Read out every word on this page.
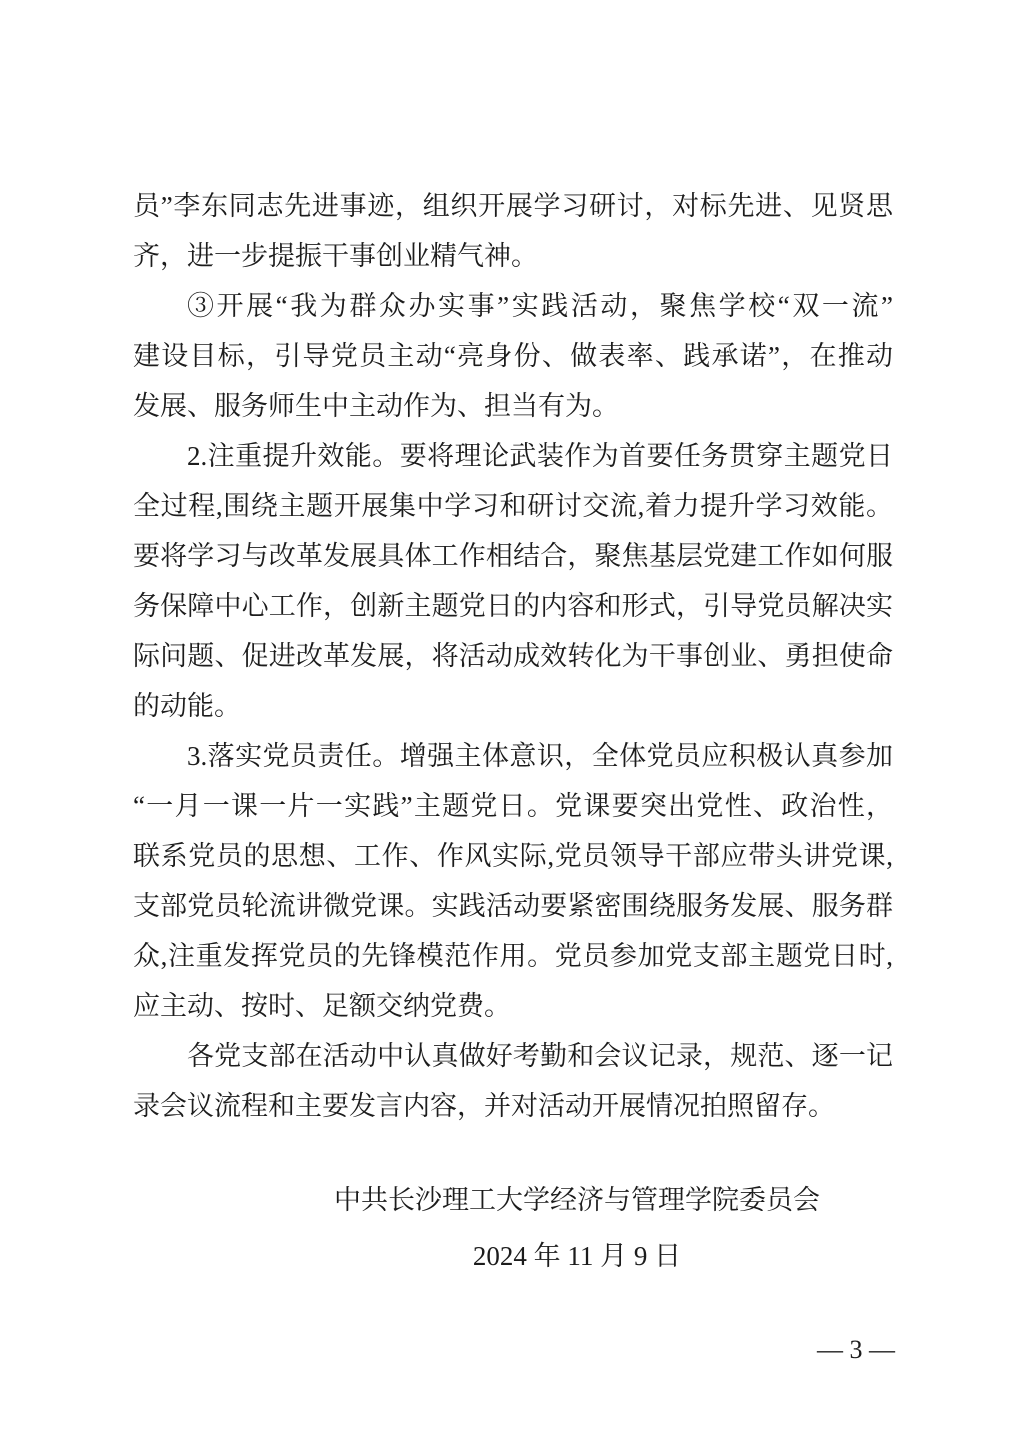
员”李东同志先进事迹，组织开展学习研讨，对标先进、见贤思

齐，进一步提振干事创业精气神。

③开展“我为群众办实事”实践活动，聚焦学校“双一流”

建设目标，引导党员主动“亮身份、做表率、践承诺”，在推动

发展、服务师生中主动作为、担当有为。

2.注重提升效能。要将理论武装作为首要任务贯穿主题党日

全过程,围绕主题开展集中学习和研讨交流,着力提升学习效能。

要将学习与改革发展具体工作相结合，聚焦基层党建工作如何服

务保障中心工作，创新主题党日的内容和形式，引导党员解决实

际问题、促进改革发展，将活动成效转化为干事创业、勇担使命

的动能。

3.落实党员责任。增强主体意识，全体党员应积极认真参加

“一月一课一片一实践”主题党日。党课要突出党性、政治性，

联系党员的思想、工作、作风实际,党员领导干部应带头讲党课,

支部党员轮流讲微党课。实践活动要紧密围绕服务发展、服务群

众,注重发挥党员的先锋模范作用。党员参加党支部主题党日时,

应主动、按时、足额交纳党费。

各党支部在活动中认真做好考勤和会议记录，规范、逐一记

录会议流程和主要发言内容，并对活动开展情况拍照留存。

中共长沙理工大学经济与管理学院委员会

2024 年 11 月 9 日

— 3 —
